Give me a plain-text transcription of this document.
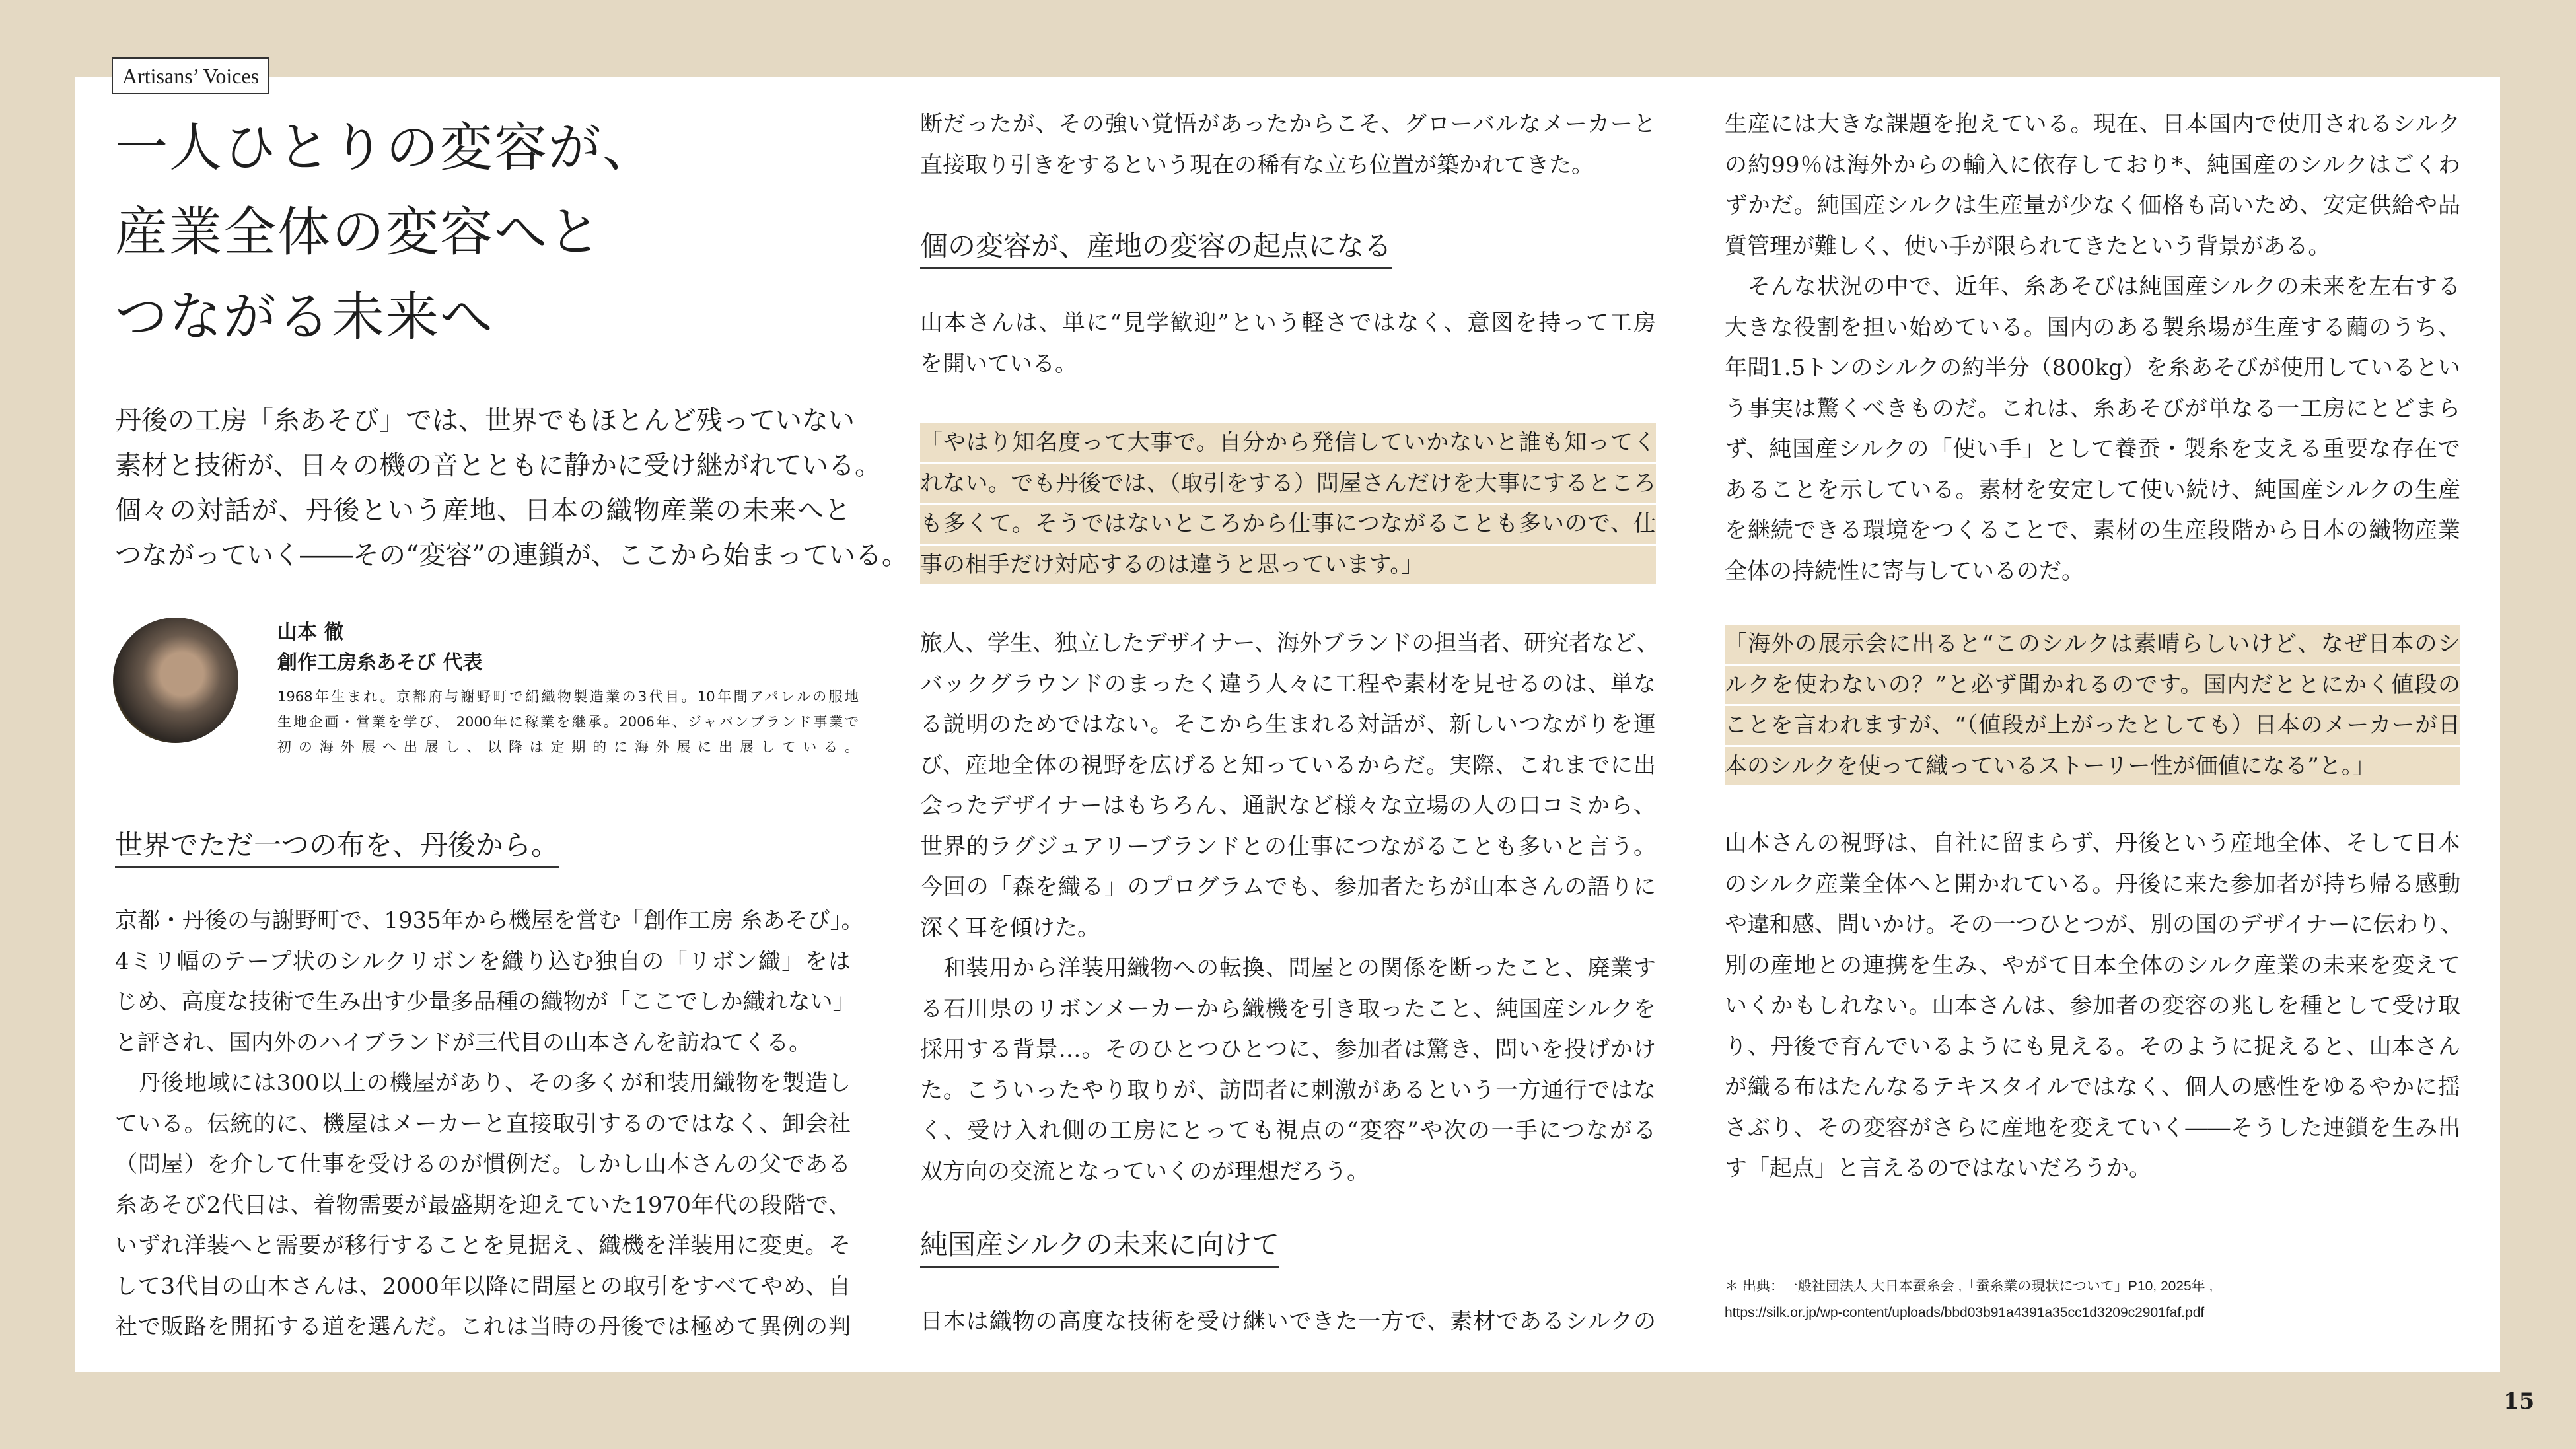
Artisans’ Voices
一人ひとりの変容が、
産業全体の変容へと
つながる未来へ
丹後の工房「糸あそび」では、世界でもほとんど残っていない
素材と技術が、日々の機の音とともに静かに受け継がれている。
個々の対話が、丹後という産地、日本の織物産業の未来へと
つながっていく――その“変容”の連鎖が、ここから始まっている。
山本 徹
創作工房糸あそび 代表
1968年生まれ。京都府与謝野町で絹織物製造業の3代目。10年間アパレルの服地
生地企画・営業を学び、 2000年に稼業を継承。2006年、ジャパンブランド事業で
初の海外展へ出展し、以降は定期的に海外展に出展している。
世界でただ一つの布を、丹後から。
京都・丹後の与謝野町で、1935年から機屋を営む「創作工房 糸あそび」。
4ミリ幅のテープ状のシルクリボンを織り込む独自の「リボン織」をは
じめ、高度な技術で生み出す少量多品種の織物が「ここでしか織れない」
と評され、国内外のハイブランドが三代目の山本さんを訪ねてくる。
　丹後地域には300以上の機屋があり、その多くが和装用織物を製造し
ている。伝統的に、機屋はメーカーと直接取引するのではなく、卸会社
（問屋）を介して仕事を受けるのが慣例だ。しかし山本さんの父である
糸あそび2代目は、着物需要が最盛期を迎えていた1970年代の段階で、
いずれ洋装へと需要が移行することを見据え、織機を洋装用に変更。そ
して3代目の山本さんは、2000年以降に問屋との取引をすべてやめ、自
社で販路を開拓する道を選んだ。これは当時の丹後では極めて異例の判
断だったが、その強い覚悟があったからこそ、グローバルなメーカーと
直接取り引きをするという現在の稀有な立ち位置が築かれてきた。
個の変容が、産地の変容の起点になる
山本さんは、単に“見学歓迎”という軽さではなく、意図を持って工房
を開いている。
「やはり知名度って大事で。自分から発信していかないと誰も知ってく
れない。でも丹後では、（取引をする）問屋さんだけを大事にするところ
も多くて。そうではないところから仕事につながることも多いので、仕
事の相手だけ対応するのは違うと思っています。」
旅人、学生、独立したデザイナー、海外ブランドの担当者、研究者など、
バックグラウンドのまったく違う人々に工程や素材を見せるのは、単な
る説明のためではない。そこから生まれる対話が、新しいつながりを運
び、産地全体の視野を広げると知っているからだ。実際、これまでに出
会ったデザイナーはもちろん、通訳など様々な立場の人の口コミから、
世界的ラグジュアリーブランドとの仕事につながることも多いと言う。
今回の「森を織る」のプログラムでも、参加者たちが山本さんの語りに
深く耳を傾けた。
　和装用から洋装用織物への転換、問屋との関係を断ったこと、廃業す
る石川県のリボンメーカーから織機を引き取ったこと、純国産シルクを
採用する背景…。そのひとつひとつに、参加者は驚き、問いを投げかけ
た。こういったやり取りが、訪問者に刺激があるという一方通行ではな
く、受け入れ側の工房にとっても視点の“変容”や次の一手につながる
双方向の交流となっていくのが理想だろう。
純国産シルクの未来に向けて
日本は織物の高度な技術を受け継いできた一方で、素材であるシルクの
生産には大きな課題を抱えている。現在、日本国内で使用されるシルク
の約99％は海外からの輸入に依存しており*、純国産のシルクはごくわ
ずかだ。純国産シルクは生産量が少なく価格も高いため、安定供給や品
質管理が難しく、使い手が限られてきたという背景がある。
　そんな状況の中で、近年、糸あそびは純国産シルクの未来を左右する
大きな役割を担い始めている。国内のある製糸場が生産する繭のうち、
年間1.5トンのシルクの約半分（800kg）を糸あそびが使用しているとい
う事実は驚くべきものだ。これは、糸あそびが単なる一工房にとどまら
ず、純国産シルクの「使い手」として養蚕・製糸を支える重要な存在で
あることを示している。素材を安定して使い続け、純国産シルクの生産
を継続できる環境をつくることで、素材の生産段階から日本の織物産業
全体の持続性に寄与しているのだ。
「海外の展示会に出ると“このシルクは素晴らしいけど、なぜ日本のシ
ルクを使わないの？”と必ず聞かれるのです。国内だととにかく値段の
ことを言われますが、“（値段が上がったとしても）日本のメーカーが日
本のシルクを使って織っているストーリー性が価値になる”と。」
山本さんの視野は、自社に留まらず、丹後という産地全体、そして日本
のシルク産業全体へと開かれている。丹後に来た参加者が持ち帰る感動
や違和感、問いかけ。その一つひとつが、別の国のデザイナーに伝わり、
別の産地との連携を生み、やがて日本全体のシルク産業の未来を変えて
いくかもしれない。山本さんは、参加者の変容の兆しを種として受け取
り、丹後で育んでいるようにも見える。そのように捉えると、山本さん
が織る布はたんなるテキスタイルではなく、個人の感性をゆるやかに揺
さぶり、その変容がさらに産地を変えていく――そうした連鎖を生み出
す「起点」と言えるのではないだろうか。
＊ 出典：一般社団法人 大日本蚕糸会 ,「蚕糸業の現状について」P10, 2025年 ,
https://silk.or.jp/wp-content/uploads/bbd03b91a4391a35cc1d3209c2901faf.pdf
15
